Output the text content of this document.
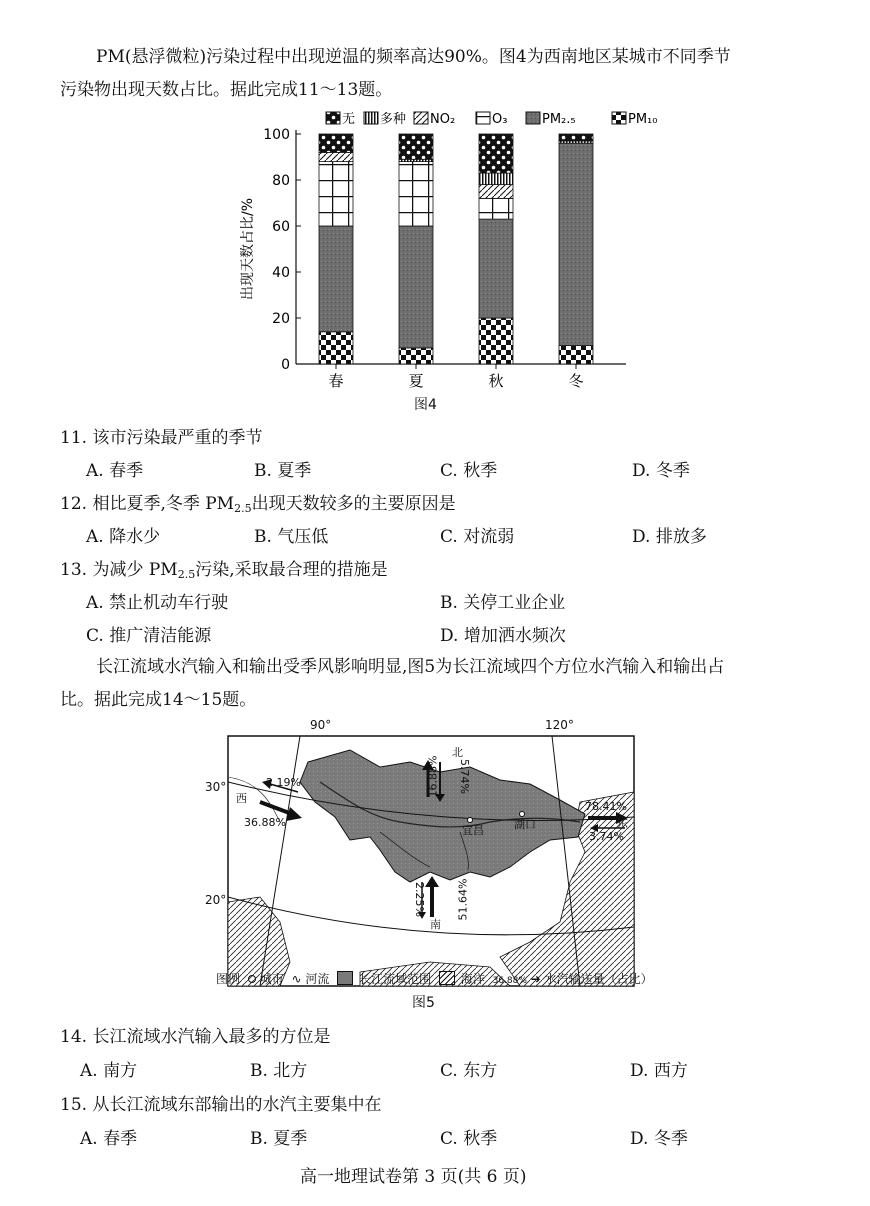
PM(悬浮微粒)污染过程中出现逆温的频率高达90%。图4为西南地区某城市不同季节
污染物出现天数占比。据此完成11～13题。
0
20
40
60
80
100
出现天数占比/%
春	夏	秋	冬
无 多种 NO₂	O₃	PM₂.₅	PM₁₀
图4
11. 该市污染最严重的季节
A. 春季	B. 夏季	C. 秋季	D. 冬季
12. 相比夏季,冬季 $PM_{2.5}$出现天数较多的主要原因是
A. 降水少	B. 气压低	C. 对流弱	D. 排放多
13. 为减少 $PM_{2.5}$污染,采取最合理的措施是
A. 禁止机动车行驶	B. 关停工业企业
C. 推广清洁能源	D. 增加洒水频次
长江流域水汽输入和输出受季风影响明显,图5为长江流域四个方位水汽输入和输出占
比。据此完成14～15题。
90°	120°
30°
20°
北
16.88% 5.74%
南
2.25%	51.64%
西
2.19%
36.88%	东
78.41%
3.74%
宜昌	湖口
图例 城市 ∿ 河流 长江流域范围 海洋 36.88% ➜ 水汽输送量（占比）
图5
14. 长江流域水汽输入最多的方位是
A. 南方	B. 北方	C. 东方	D. 西方
15. 从长江流域东部输出的水汽主要集中在
A. 春季	B. 夏季	C. 秋季	D. 冬季
高一地理试卷第 3 页(共 6 页)
